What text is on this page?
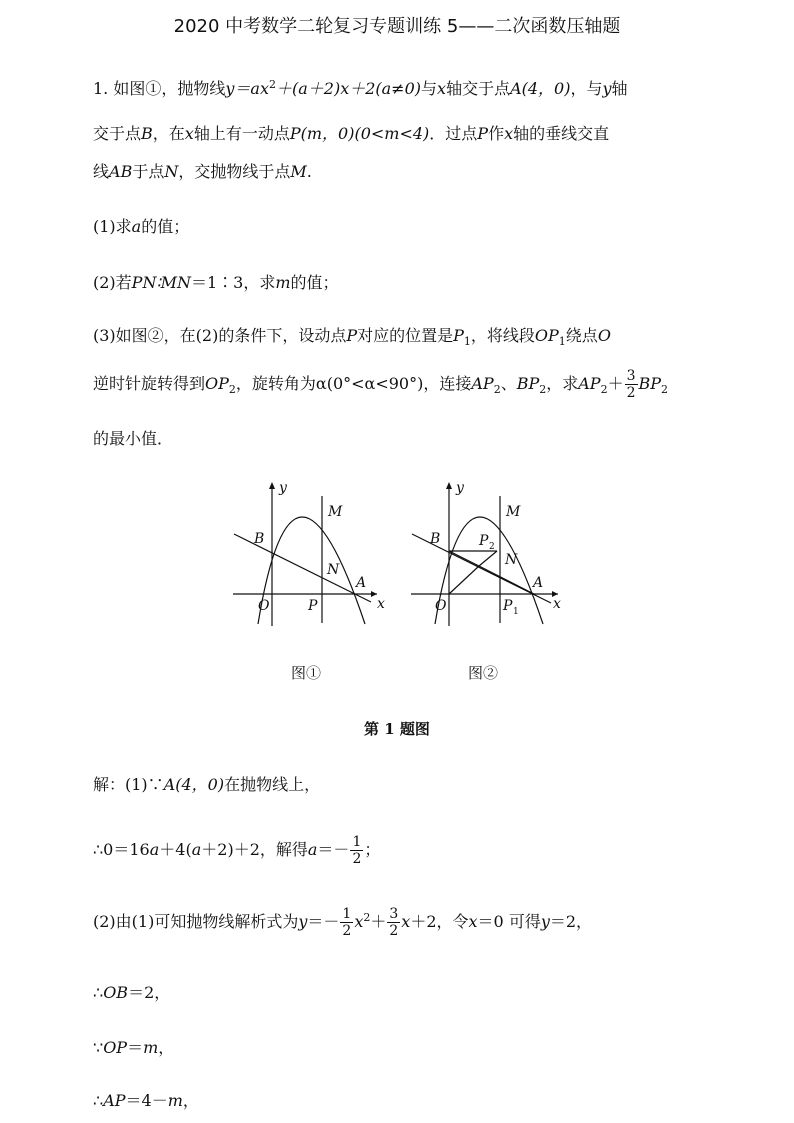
2020 中考数学二轮复习专题训练 5——二次函数压轴题
1. 如图①，抛物线$y=ax^2+(a+2)x+2(a\ne 0)$与x轴交于点A(4，0)，与y轴
交于点B，在x轴上有一动点P(m，0)(0<m<4)．过点P作x轴的垂线交直
线AB于点N，交抛物线于点M.
(1)求a的值；
(2)若PN∶MN＝1∶3，求m的值；
(3)如图②，在(2)的条件下，设动点P对应的位置是$P_1$，将线段$OP_1$绕点O
逆时针旋转得到$OP_2$，旋转角为α(0°<α<90°)，连接$AP_2$、$BP_2$，求$AP_2+ \frac{3}{2} BP_2$
的最小值．
y
x
O
B
M
N
A
P
y
x
O
B
M
N
A
P 2
P 1
图①	图②
第 1 题图
解：(1)∵A(4，0)在抛物线上，
∴0＝16a＋4(a＋2)＋2，解得$a=- \frac{1}{2}$ ；
(2)由(1)可知抛物线解析式为$y=- \frac{1}{2} x^2+ \frac{3}{2} x+2$，令x＝0 可得y＝2，
∴OB＝2，
∵OP＝m，
∴AP＝4－m，
